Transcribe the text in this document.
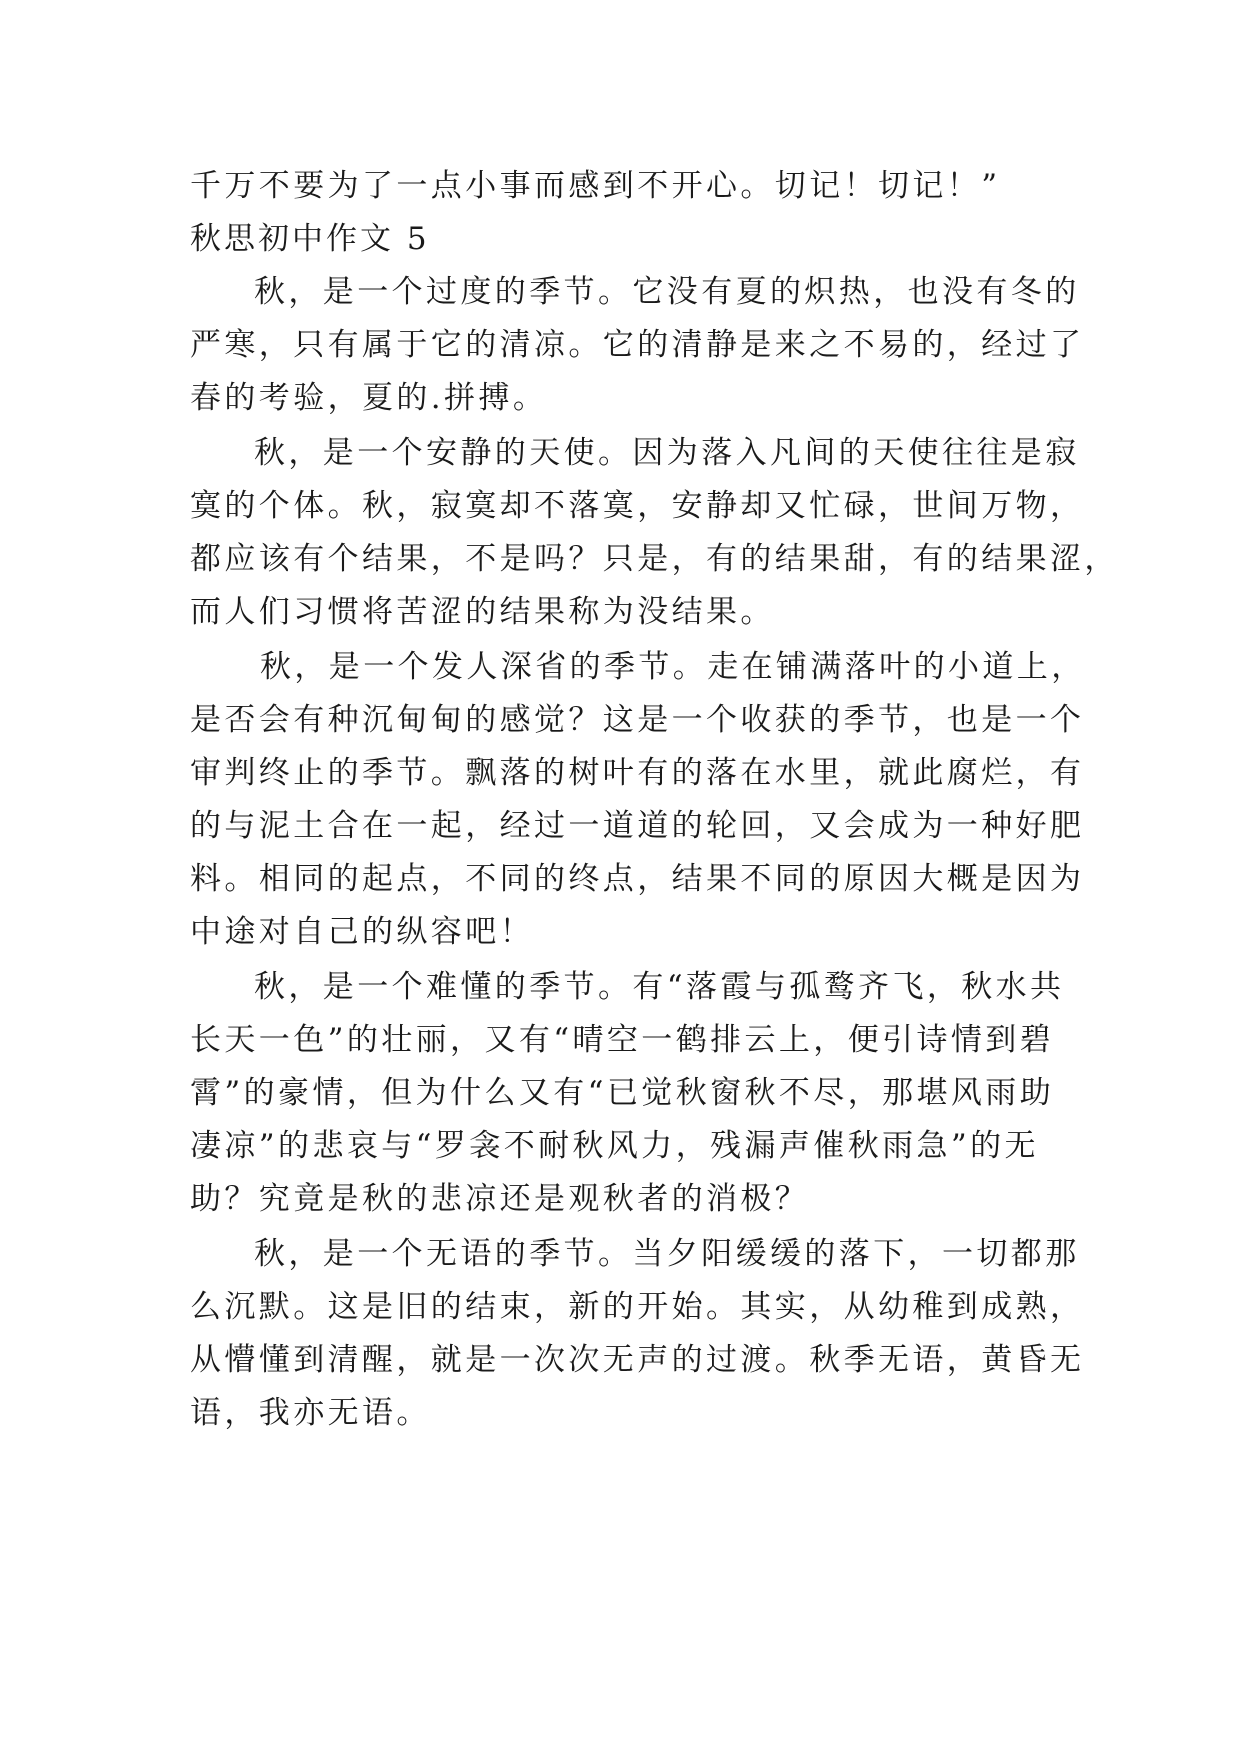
千万不要为了一点小事而感到不开心。切记！切记！”
秋思初中作文 5
秋，是一个过度的季节。它没有夏的炽热，也没有冬的
严寒，只有属于它的清凉。它的清静是来之不易的，经过了
春的考验，夏的.拼搏。
秋，是一个安静的天使。因为落入凡间的天使往往是寂
寞的个体。秋，寂寞却不落寞，安静却又忙碌，世间万物，
都应该有个结果，不是吗？只是，有的结果甜，有的结果涩，
而人们习惯将苦涩的结果称为没结果。
秋，是一个发人深省的季节。走在铺满落叶的小道上，
是否会有种沉甸甸的感觉？这是一个收获的季节，也是一个
审判终止的季节。飘落的树叶有的落在水里，就此腐烂，有
的与泥土合在一起，经过一道道的轮回，又会成为一种好肥
料。相同的起点，不同的终点，结果不同的原因大概是因为
中途对自己的纵容吧！
秋，是一个难懂的季节。有“落霞与孤鹜齐飞，秋水共
长天一色”的壮丽，又有“晴空一鹤排云上，便引诗情到碧
霄”的豪情，但为什么又有“已觉秋窗秋不尽，那堪风雨助
凄凉”的悲哀与“罗衾不耐秋风力，残漏声催秋雨急”的无
助？究竟是秋的悲凉还是观秋者的消极？
秋，是一个无语的季节。当夕阳缓缓的落下，一切都那
么沉默。这是旧的结束，新的开始。其实，从幼稚到成熟，
从懵懂到清醒，就是一次次无声的过渡。秋季无语，黄昏无
语，我亦无语。
